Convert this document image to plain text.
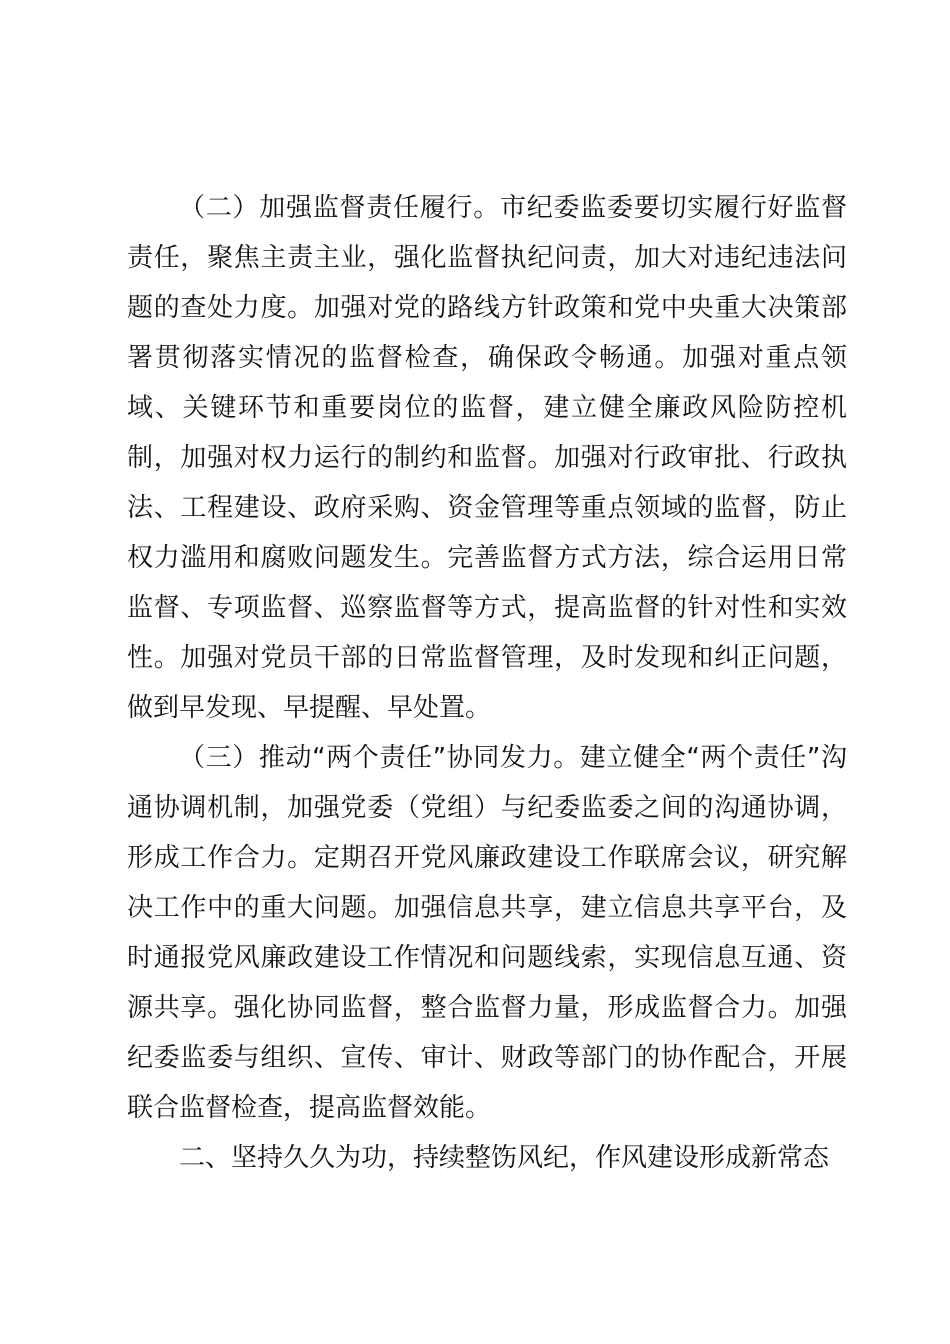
（二）加强监督责任履行。市纪委监委要切实履行好监督责任，聚焦主责主业，强化监督执纪问责，加大对违纪违法问题的查处力度。加强对党的路线方针政策和党中央重大决策部署贯彻落实情况的监督检查，确保政令畅通。加强对重点领域、关键环节和重要岗位的监督，建立健全廉政风险防控机制，加强对权力运行的制约和监督。加强对行政审批、行政执法、工程建设、政府采购、资金管理等重点领域的监督，防止权力滥用和腐败问题发生。完善监督方式方法，综合运用日常监督、专项监督、巡察监督等方式，提高监督的针对性和实效性。加强对党员干部的日常监督管理，及时发现和纠正问题，做到早发现、早提醒、早处置。

（三）推动“两个责任”协同发力。建立健全“两个责任”沟通协调机制，加强党委（党组）与纪委监委之间的沟通协调，形成工作合力。定期召开党风廉政建设工作联席会议，研究解决工作中的重大问题。加强信息共享，建立信息共享平台，及时通报党风廉政建设工作情况和问题线索，实现信息互通、资源共享。强化协同监督，整合监督力量，形成监督合力。加强纪委监委与组织、宣传、审计、财政等部门的协作配合，开展联合监督检查，提高监督效能。

二、坚持久久为功，持续整饬风纪，作风建设形成新常态
